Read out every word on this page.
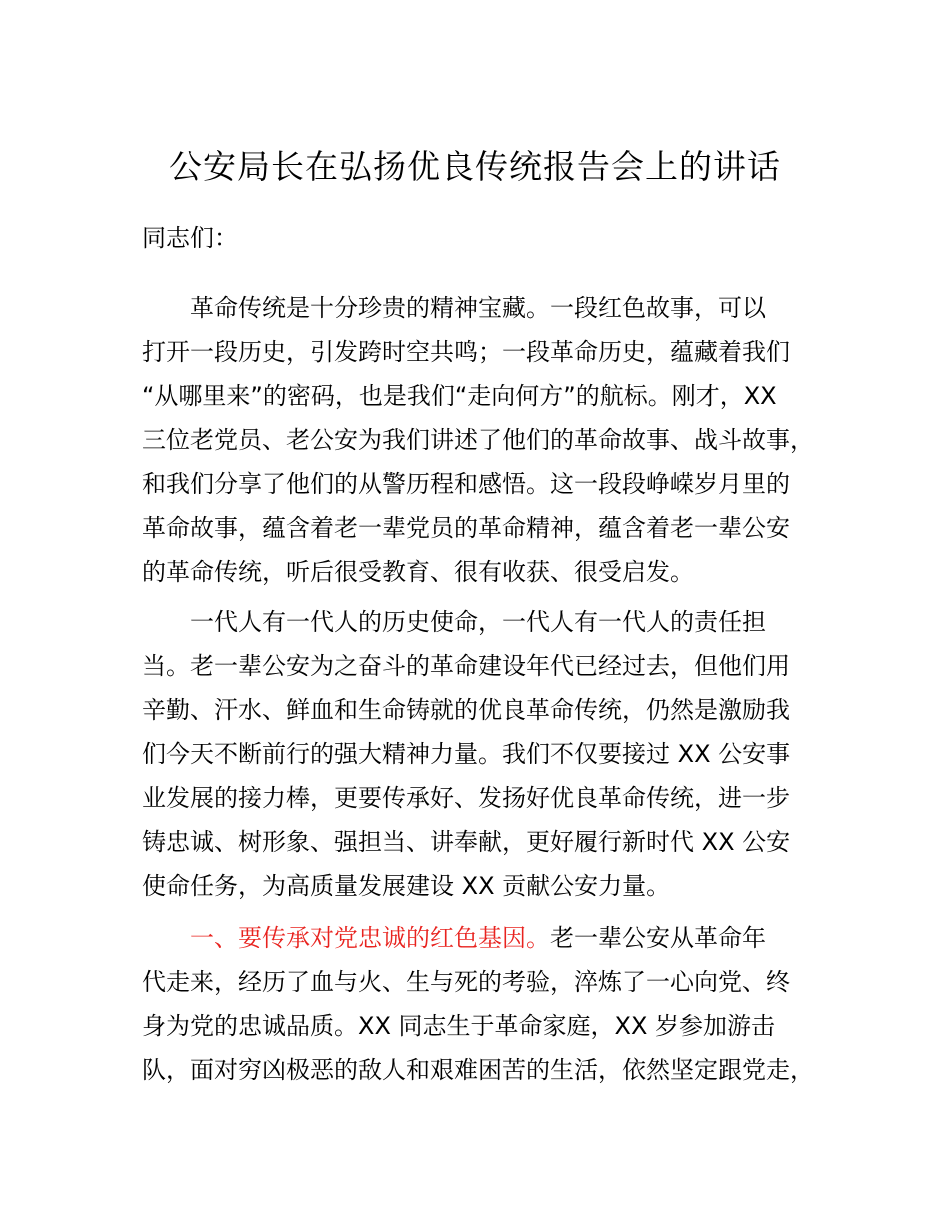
公安局长在弘扬优良传统报告会上的讲话
同志们：
革命传统是十分珍贵的精神宝藏。一段红色故事，可以
打开一段历史，引发跨时空共鸣；一段革命历史，蕴藏着我们
“从哪里来”的密码，也是我们“走向何方”的航标。刚才，XX
三位老党员、老公安为我们讲述了他们的革命故事、战斗故事，
和我们分享了他们的从警历程和感悟。这一段段峥嵘岁月里的
革命故事，蕴含着老一辈党员的革命精神，蕴含着老一辈公安
的革命传统，听后很受教育、很有收获、很受启发。
一代人有一代人的历史使命，一代人有一代人的责任担
当。老一辈公安为之奋斗的革命建设年代已经过去，但他们用
辛勤、汗水、鲜血和生命铸就的优良革命传统，仍然是激励我
们今天不断前行的强大精神力量。我们不仅要接过 XX 公安事
业发展的接力棒，更要传承好、发扬好优良革命传统，进一步
铸忠诚、树形象、强担当、讲奉献，更好履行新时代 XX 公安
使命任务，为高质量发展建设 XX 贡献公安力量。
一、要传承对党忠诚的红色基因。老一辈公安从革命年
代走来，经历了血与火、生与死的考验，淬炼了一心向党、终
身为党的忠诚品质。XX 同志生于革命家庭，XX 岁参加游击
队，面对穷凶极恶的敌人和艰难困苦的生活，依然坚定跟党走，
